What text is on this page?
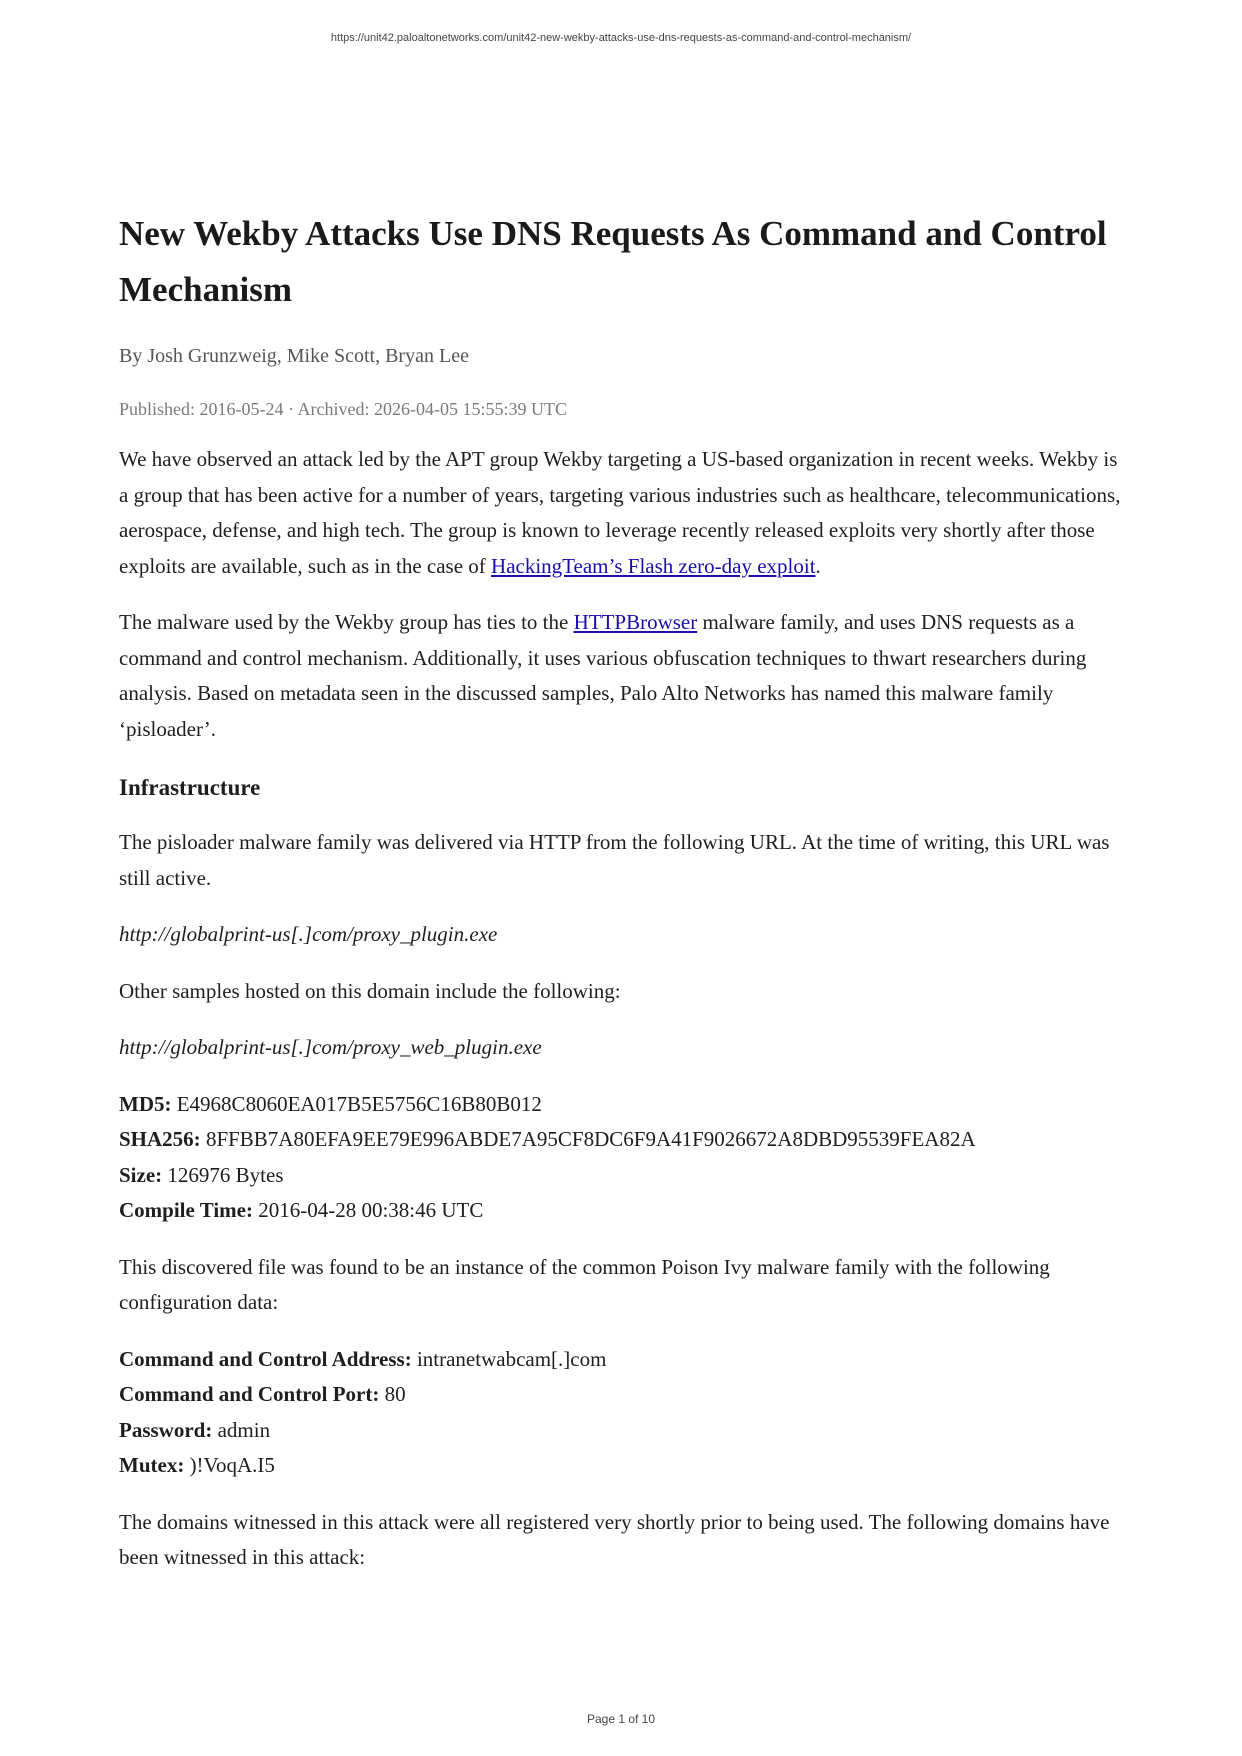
https://unit42.paloaltonetworks.com/unit42-new-wekby-attacks-use-dns-requests-as-command-and-control-mechanism/
New Wekby Attacks Use DNS Requests As Command and Control Mechanism
By Josh Grunzweig, Mike Scott, Bryan Lee
Published: 2016-05-24 · Archived: 2026-04-05 15:55:39 UTC

We have observed an attack led by the APT group Wekby targeting a US-based organization in recent weeks. Wekby is a group that has been active for a number of years, targeting various industries such as healthcare, telecommunications, aerospace, defense, and high tech. The group is known to leverage recently released exploits very shortly after those exploits are available, such as in the case of HackingTeam’s Flash zero-day exploit.

The malware used by the Wekby group has ties to the HTTPBrowser malware family, and uses DNS requests as a command and control mechanism. Additionally, it uses various obfuscation techniques to thwart researchers during analysis. Based on metadata seen in the discussed samples, Palo Alto Networks has named this malware family ‘pisloader’.

Infrastructure

The pisloader malware family was delivered via HTTP from the following URL. At the time of writing, this URL was still active.

http://globalprint-us[.]com/proxy_plugin.exe

Other samples hosted on this domain include the following:

http://globalprint-us[.]com/proxy_web_plugin.exe

MD5: E4968C8060EA017B5E5756C16B80B012
SHA256: 8FFBB7A80EFA9EE79E996ABDE7A95CF8DC6F9A41F9026672A8DBD95539FEA82A
Size: 126976 Bytes
Compile Time: 2016-04-28 00:38:46 UTC

This discovered file was found to be an instance of the common Poison Ivy malware family with the following configuration data:

Command and Control Address: intranetwabcam[.]com
Command and Control Port: 80
Password: admin
Mutex: )!VoqA.I5

The domains witnessed in this attack were all registered very shortly prior to being used. The following domains have been witnessed in this attack:

Page 1 of 10
